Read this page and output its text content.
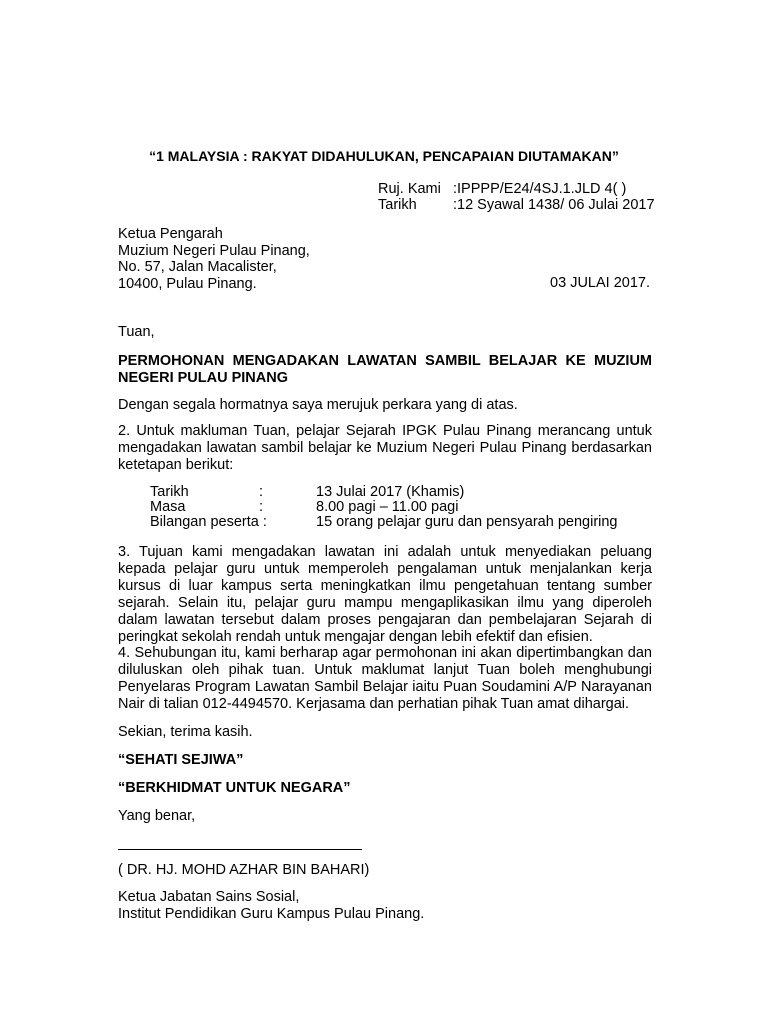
“1 MALAYSIA : RAKYAT DIDAHULUKAN, PENCAPAIAN DIUTAMAKAN”
Ruj. Kami :IPPPP/E24/4SJ.1.JLD 4( )
Tarikh	:12 Syawal 1438/ 06 Julai 2017
Ketua Pengarah
Muzium Negeri Pulau Pinang,
No. 57, Jalan Macalister,
10400, Pulau Pinang.	03 JULAI 2017.
Tuan,
PERMOHONAN MENGADAKAN LAWATAN SAMBIL BELAJAR KE MUZIUM
NEGERI PULAU PINANG
Dengan segala hormatnya saya merujuk perkara yang di atas.
2. Untuk makluman Tuan, pelajar Sejarah IPGK Pulau Pinang merancang untuk mengadakan lawatan sambil belajar ke Muzium Negeri Pulau Pinang berdasarkan ketetapan berikut:
Tarikh	:	13 Julai 2017 (Khamis)
Masa	:	8.00 pagi – 11.00 pagi
Bilangan peserta :	15 orang pelajar guru dan pensyarah pengiring
3. Tujuan kami mengadakan lawatan ini adalah untuk menyediakan peluang kepada pelajar guru untuk memperoleh pengalaman untuk menjalankan kerja kursus di luar kampus serta meningkatkan ilmu pengetahuan tentang sumber sejarah. Selain itu, pelajar guru mampu mengaplikasikan ilmu yang diperoleh dalam lawatan tersebut dalam proses pengajaran dan pembelajaran Sejarah di peringkat sekolah rendah untuk mengajar dengan lebih efektif dan efisien.
4. Sehubungan itu, kami berharap agar permohonan ini akan dipertimbangkan dan diluluskan oleh pihak tuan. Untuk maklumat lanjut Tuan boleh menghubungi Penyelaras Program Lawatan Sambil Belajar iaitu Puan Soudamini A/P Narayanan Nair di talian 012-4494570. Kerjasama dan perhatian pihak Tuan amat dihargai.
Sekian, terima kasih.
“SEHATI SEJIWA”
“BERKHIDMAT UNTUK NEGARA”
Yang benar,
( DR. HJ. MOHD AZHAR BIN BAHARI)
Ketua Jabatan Sains Sosial,
Institut Pendidikan Guru Kampus Pulau Pinang.
